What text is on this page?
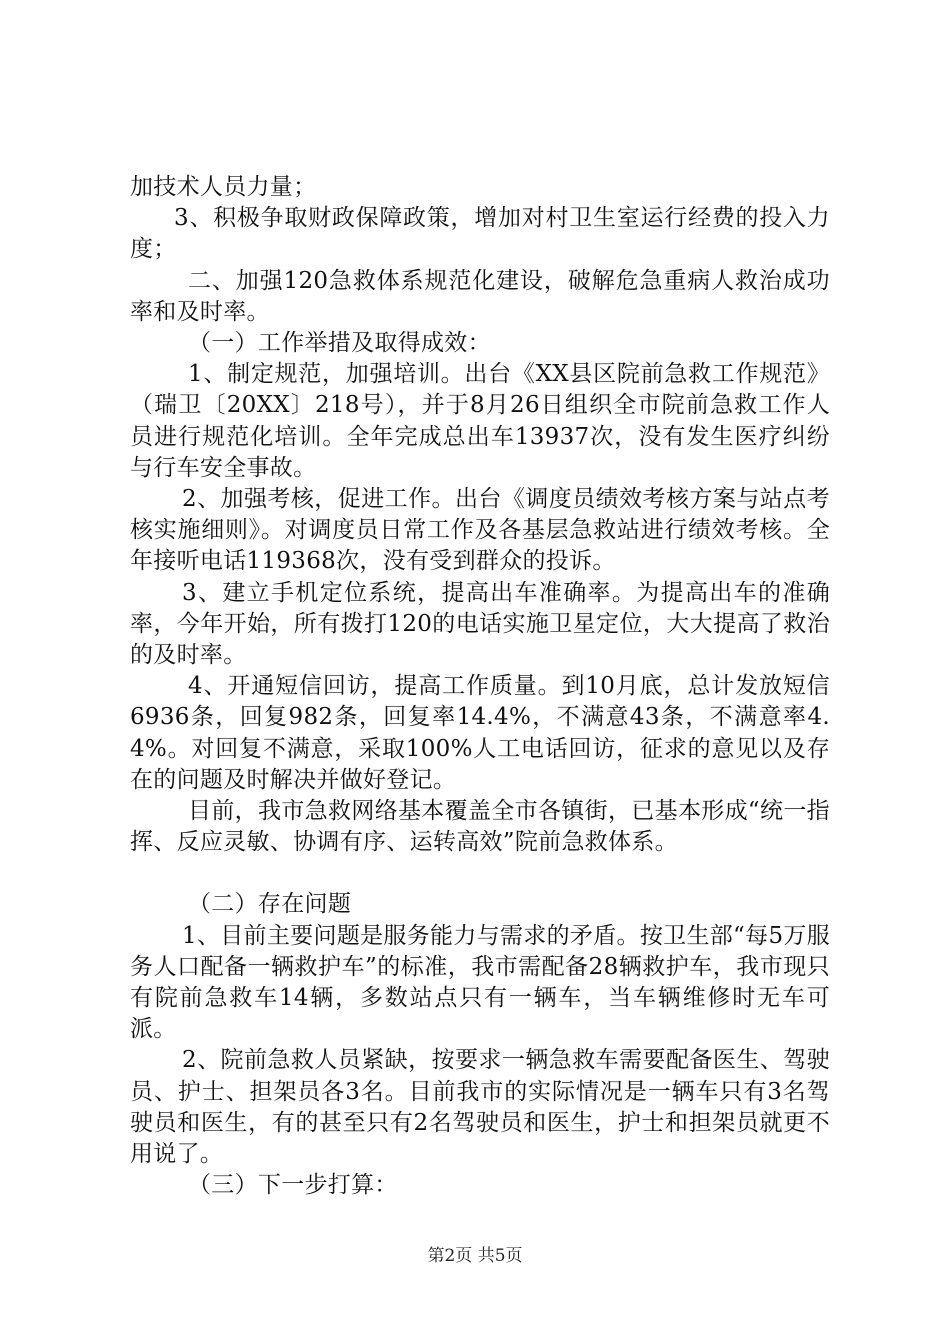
加技术人员力量；

3、积极争取财政保障政策，增加对村卫生室运行经费的投入力度；

二、加强120急救体系规范化建设，破解危急重病人救治成功率和及时率。

（一）工作举措及取得成效：

1、制定规范，加强培训。出台《XX县区院前急救工作规范》（瑞卫〔20XX〕218号），并于8月26日组织全市院前急救工作人员进行规范化培训。全年完成总出车13937次，没有发生医疗纠纷与行车安全事故。

2、加强考核，促进工作。出台《调度员绩效考核方案与站点考核实施细则》。对调度员日常工作及各基层急救站进行绩效考核。全年接听电话119368次，没有受到群众的投诉。

3、建立手机定位系统，提高出车准确率。为提高出车的准确率，今年开始，所有拨打120的电话实施卫星定位，大大提高了救治的及时率。

4、开通短信回访，提高工作质量。到10月底，总计发放短信6936条，回复982条，回复率14.4%，不满意43条，不满意率4.4%。对回复不满意，采取100%人工电话回访，征求的意见以及存在的问题及时解决并做好登记。

目前，我市急救网络基本覆盖全市各镇街，已基本形成“统一指挥、反应灵敏、协调有序、运转高效”院前急救体系。

（二）存在问题

1、目前主要问题是服务能力与需求的矛盾。按卫生部“每5万服务人口配备一辆救护车”的标准，我市需配备28辆救护车，我市现只有院前急救车14辆，多数站点只有一辆车，当车辆维修时无车可派。

2、院前急救人员紧缺，按要求一辆急救车需要配备医生、驾驶员、护士、担架员各3名。目前我市的实际情况是一辆车只有3名驾驶员和医生，有的甚至只有2名驾驶员和医生，护士和担架员就更不用说了。

（三）下一步打算：

第2页 共5页
